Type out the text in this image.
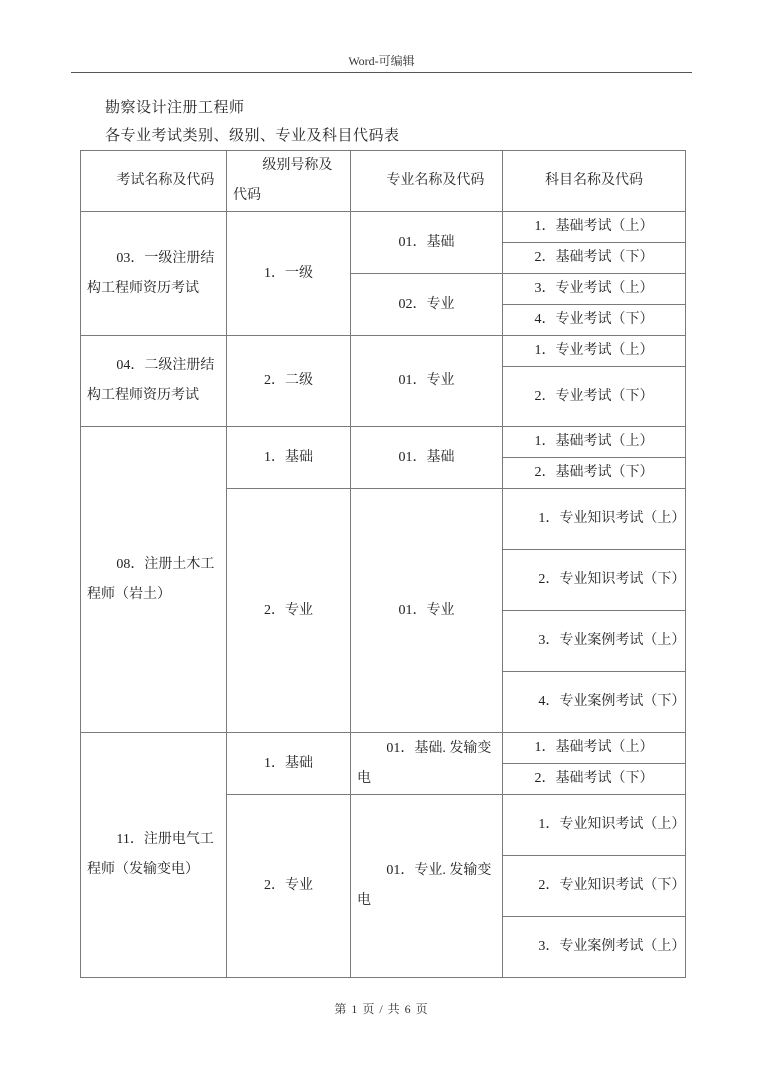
Word-可编辑
勘察设计注册工程师
各专业考试类别、级别、专业及科目代码表
考试名称及代码	级别号称及代码	专业名称及代码	科目名称及代码
03．一级注册结构工程师资历考试	1．一级	01．基础	1．基础考试（上）
			2．基础考试（下）
		02．专业	3．专业考试（上）
			4．专业考试（下）
04．二级注册结构工程师资历考试	2．二级	01．专业	1．专业考试（上）
			2．专业考试（下）
08．注册土木工程师（岩土）	1．基础	01．基础	1．基础考试（上）
			2．基础考试（下）
	2．专业	01．专业	1．专业知识考试（上）
			2．专业知识考试（下）
			3．专业案例考试（上）
			4．专业案例考试（下）
11．注册电气工程师（发输变电）	1．基础	01．基础. 发输变电	1．基础考试（上）
			2．基础考试（下）
	2．专业	01．专业. 发输变电	1．专业知识考试（上）
			2．专业知识考试（下）
			3．专业案例考试（上）
第 1 页 / 共 6 页
